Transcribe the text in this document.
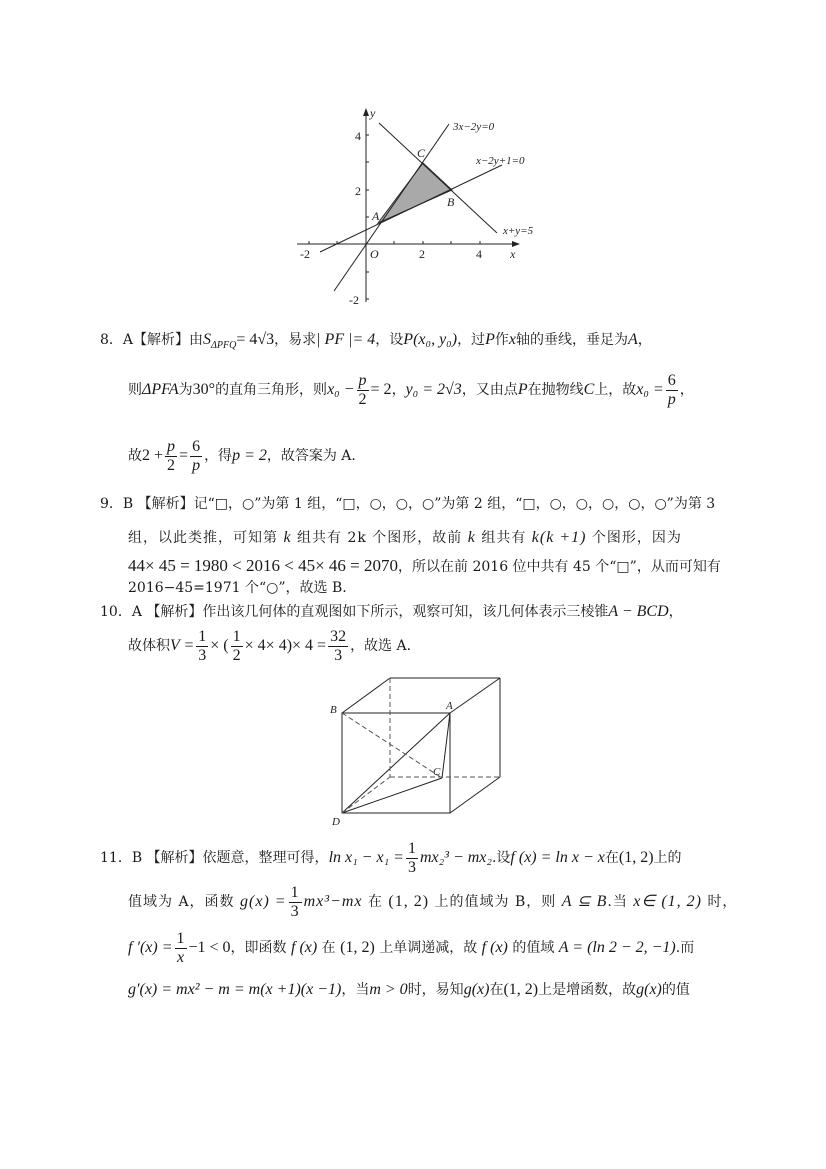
-2	2	4
4
2
-2
O	x
y
3x−2y=0
x−2y+1=0
x+y=5
A
B
C
8．A【解析】由$S_{\Delta PFQ}= 4√3$，易求| PF |= 4，设P(x₀, y₀)，过P作x轴的垂线，垂足为A，
则ΔPFA为30°的直角三角形，则$x_0 - \frac{p}{2} = 2$，y₀ = 2√3，又由点P在抛物线C上，故$x_0 = \frac{6}{p}$ ，
故$2 + \frac{p}{2} = \frac{6}{p}$ ，得p = 2，故答案为 A.
9．B 【解析】记“□，○”为第 1 组，“□，○，○，○”为第 2 组，“□，○，○，○，○，○”为第 3
组，以此类推，可知第 k 组共有 2k 个图形，故前 k 组共有 k(k +1) 个图形，因为
44× 45 = 1980 < 2016 < 45× 46 = 2070，所以在前 2016 位中共有 45 个“□”，从而可知有
2016−45=1971 个“○”，故选 B.
10．A 【解析】作出该几何体的直观图如下所示，观察可知，该几何体表示三棱锥A − BCD，
故体积$V = \frac{1}{3}$ × ( $\frac{1}{2} \times 4\times 4)\times 4 = \frac{32}{3}$ ，故选 A.
B	A
C
D
11．B 【解析】依题意，整理可得，$\ln x_1 - x_1 = \frac{1}{3} mx_2^3 - mx_2$.设f (x) = ln x − x在(1, 2)上的
值域为 A，函数 $g(x) = \frac{1}{3} mx^3-mx$ 在 (1, 2) 上的值域为 B，则 A ⊆ B.当 x∈ (1, 2) 时，
f $'(x) = \frac{1}{x} -1 < 0$，即函数 f (x) 在 (1, 2) 上单调递减，故 f (x) 的值域 A = (ln 2 − 2, −1).而
g′(x) = mx² − m = m(x +1)(x −1)，当m > 0时，易知g(x)在(1, 2)上是增函数，故g(x)的值
